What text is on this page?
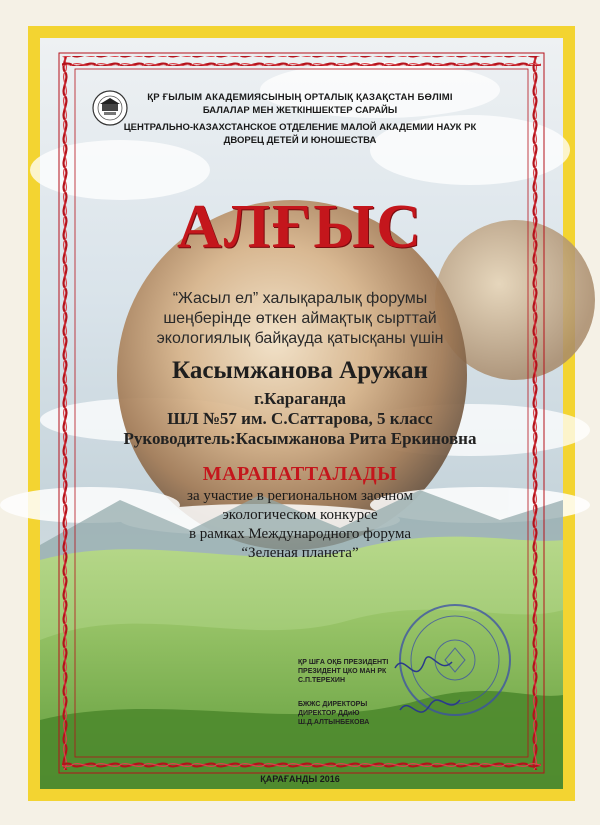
ҚР ҒЫЛЫМ АКАДЕМИЯСЫНЫҢ ОРТАЛЫҚ ҚАЗАҚСТАН БӨЛІМІ
БАЛАЛАР МЕН ЖЕТКІНШЕКТЕР САРАЙЫ
ЦЕНТРАЛЬНО-КАЗАХСТАНСКОЕ ОТДЕЛЕНИЕ МАЛОЙ АКАДЕМИИ НАУК РК
ДВОРЕЦ ДЕТЕЙ И ЮНОШЕСТВА
АЛҒЫС
“Жасыл ел” халықаралық форумы
шеңберінде өткен аймақтық сырттай
экологиялық байқауда қатысқаны үшін
Касымжанова Аружан
г.Караганда
ШЛ №57 им. С.Саттарова, 5 класс
Руководитель:Касымжанова Рита Еркиновна
МАРАПАТТАЛАДЫ
за участие в региональном заочном
экологическом конкурсе
в рамках Международного форума
“Зеленая планета”
ҚР ШҒА ОҚБ ПРЕЗИДЕНТІ
ПРЕЗИДЕНТ ЦКО МАН РК
С.П.ТЕРЕХИН
БЖЖС ДИРЕКТОРЫ
ДИРЕКТОР ДДиЮ
Ш.Д.АЛТЫНБЕКОВА
ҚАРАҒАНДЫ 2016
